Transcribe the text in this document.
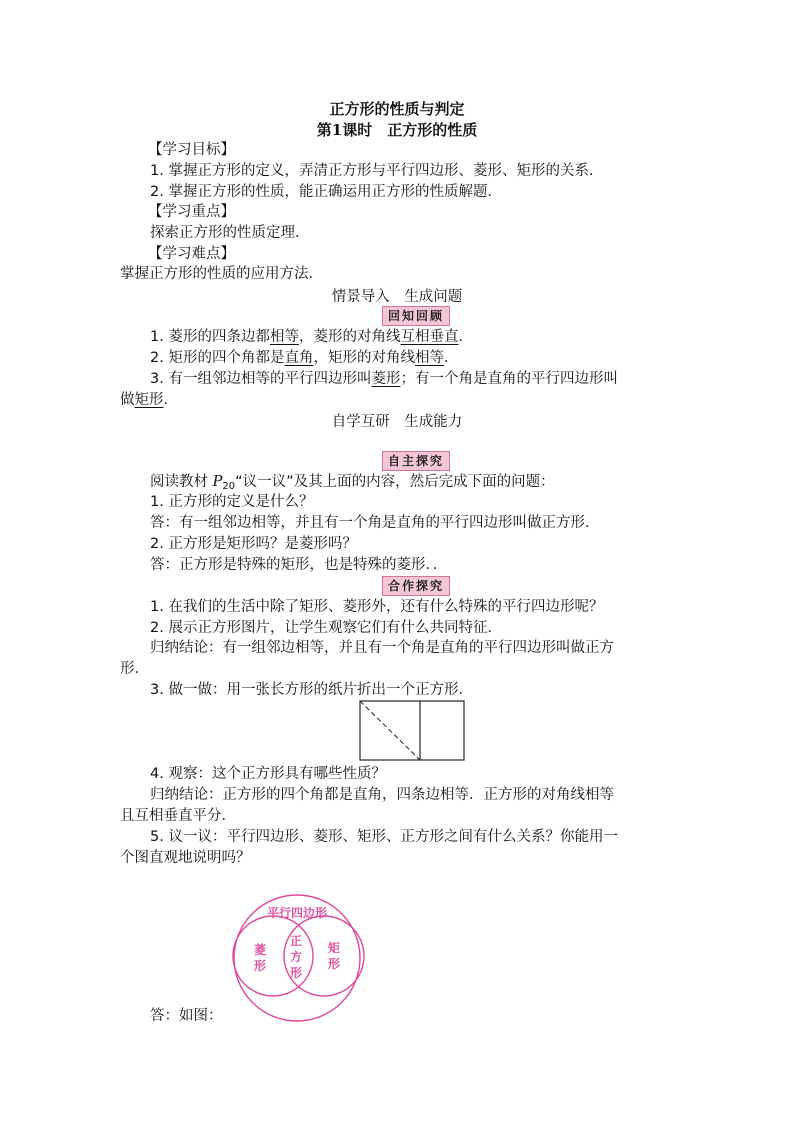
正方形的性质与判定
第1课时　正方形的性质
【学习目标】
1. 掌握正方形的定义，弄清正方形与平行四边形、菱形、矩形的关系．
2. 掌握正方形的性质，能正确运用正方形的性质解题．
【学习重点】
探索正方形的性质定理．
【学习难点】
掌握正方形的性质的应用方法．
情景导入　生成问题
回知回顾
1. 菱形的四条边都相等，菱形的对角线互相垂直．
2. 矩形的四个角都是直角，矩形的对角线相等．
3. 有一组邻边相等的平行四边形叫菱形；有一个角是直角的平行四边形叫
做矩形．
自学互研　生成能力
自主探究
阅读教材 $P_{20}“$议一议”及其上面的内容，然后完成下面的问题：
1. 正方形的定义是什么？
答：有一组邻边相等，并且有一个角是直角的平行四边形叫做正方形．
2. 正方形是矩形吗？是菱形吗？
答：正方形是特殊的矩形，也是特殊的菱形．．
合作探究
1. 在我们的生活中除了矩形、菱形外，还有什么特殊的平行四边形呢？
2. 展示正方形图片，让学生观察它们有什么共同特征．
归纳结论：有一组邻边相等，并且有一个角是直角的平行四边形叫做正方
形．
3. 做一做：用一张长方形的纸片折出一个正方形．
4. 观察：这个正方形具有哪些性质？
归纳结论：正方形的四个角都是直角，四条边相等．正方形的对角线相等
且互相垂直平分．
5. 议一议：平行四边形、菱形、矩形、正方形之间有什么关系？你能用一
个图直观地说明吗？
平行四边形
菱
形
正
方
形
矩
形
答：如图：
